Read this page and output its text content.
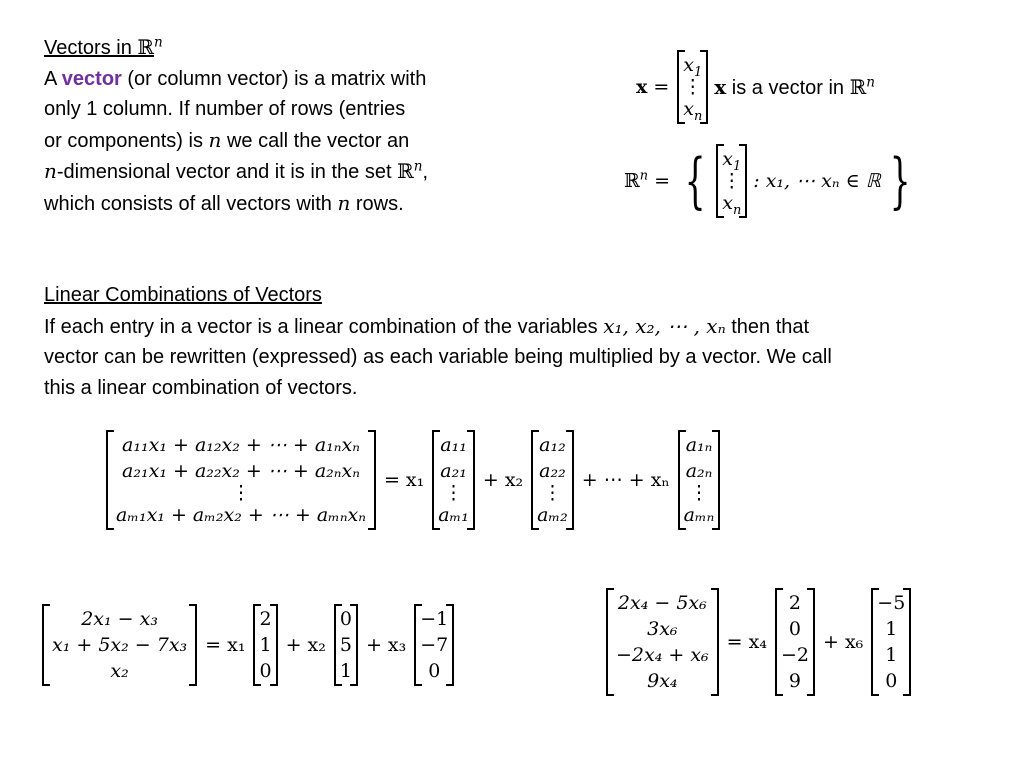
Vectors in ℝ$^n$
A vector (or column vector) is a matrix with
only 1 column. If number of rows (entries
or components) is n we call the vector an
n-dimensional vector and it is in the set ℝ$^n$,
which consists of all vectors with n rows.
x =
$x_1$
⋮
$x_n$
x is a vector in ℝ$^n$
ℝ$^n$ = { $x_1$
⋮
$x_n$
: x₁, ⋯ xₙ ∈ ℝ }
Linear Combinations of Vectors
If each entry in a vector is a linear combination of the variables x₁, x₂, ⋯ , xₙ then that
vector can be rewritten (expressed) as each variable being multiplied by a vector. We call
this a linear combination of vectors.
a₁₁x₁ + a₁₂x₂ + ⋯ + a₁ₙxₙ
a₂₁x₁ + a₂₂x₂ + ⋯ + a₂ₙxₙ
⋮
aₘ₁x₁ + aₘ₂x₂ + ⋯ + aₘₙxₙ
= x₁
a₁₁
a₂₁
⋮
aₘ₁
+ x₂
a₁₂
a₂₂
⋮
aₘ₂
+ ⋯ + xₙ
a₁ₙ
a₂ₙ
⋮
aₘₙ
2x₁ − x₃
x₁ + 5x₂ − 7x₃
x₂
= x₁
2
1
0
+ x₂
0
5
1
+ x₃
−1
−7
0
2x₄ − 5x₆
3x₆
−2x₄ + x₆
9x₄
= x₄
2
0
−2
9
+ x₆
−5
1
1
0
